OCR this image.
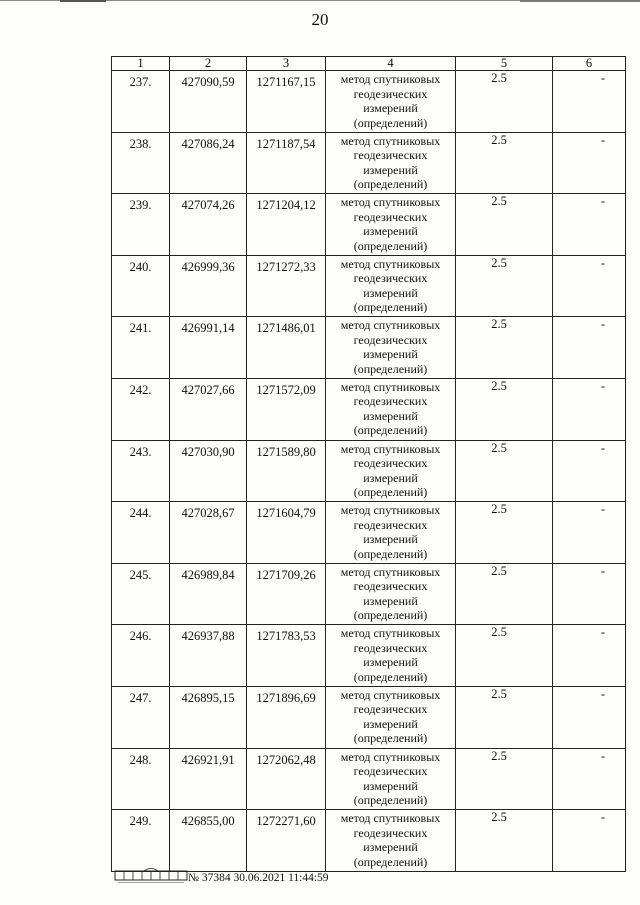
20
1	2	3	4	5	6
237.	427090,59	1271167,15	метод спутниковых геодезических измерений (определений)	2.5	-
238.	427086,24	1271187,54	метод спутниковых геодезических измерений (определений)	2.5	-
239.	427074,26	1271204,12	метод спутниковых геодезических измерений (определений)	2.5	-
240.	426999,36	1271272,33	метод спутниковых геодезических измерений (определений)	2.5	-
241.	426991,14	1271486,01	метод спутниковых геодезических измерений (определений)	2.5	-
242.	427027,66	1271572,09	метод спутниковых геодезических измерений (определений)	2.5	-
243.	427030,90	1271589,80	метод спутниковых геодезических измерений (определений)	2.5	-
244.	427028,67	1271604,79	метод спутниковых геодезических измерений (определений)	2.5	-
245.	426989,84	1271709,26	метод спутниковых геодезических измерений (определений)	2.5	-
246.	426937,88	1271783,53	метод спутниковых геодезических измерений (определений)	2.5	-
247.	426895,15	1271896,69	метод спутниковых геодезических измерений (определений)	2.5	-
248.	426921,91	1272062,48	метод спутниковых геодезических измерений (определений)	2.5	-
249.	426855,00	1272271,60	метод спутниковых геодезических измерений (определений)	2.5	-
№ 37384 30.06.2021 11:44:59
